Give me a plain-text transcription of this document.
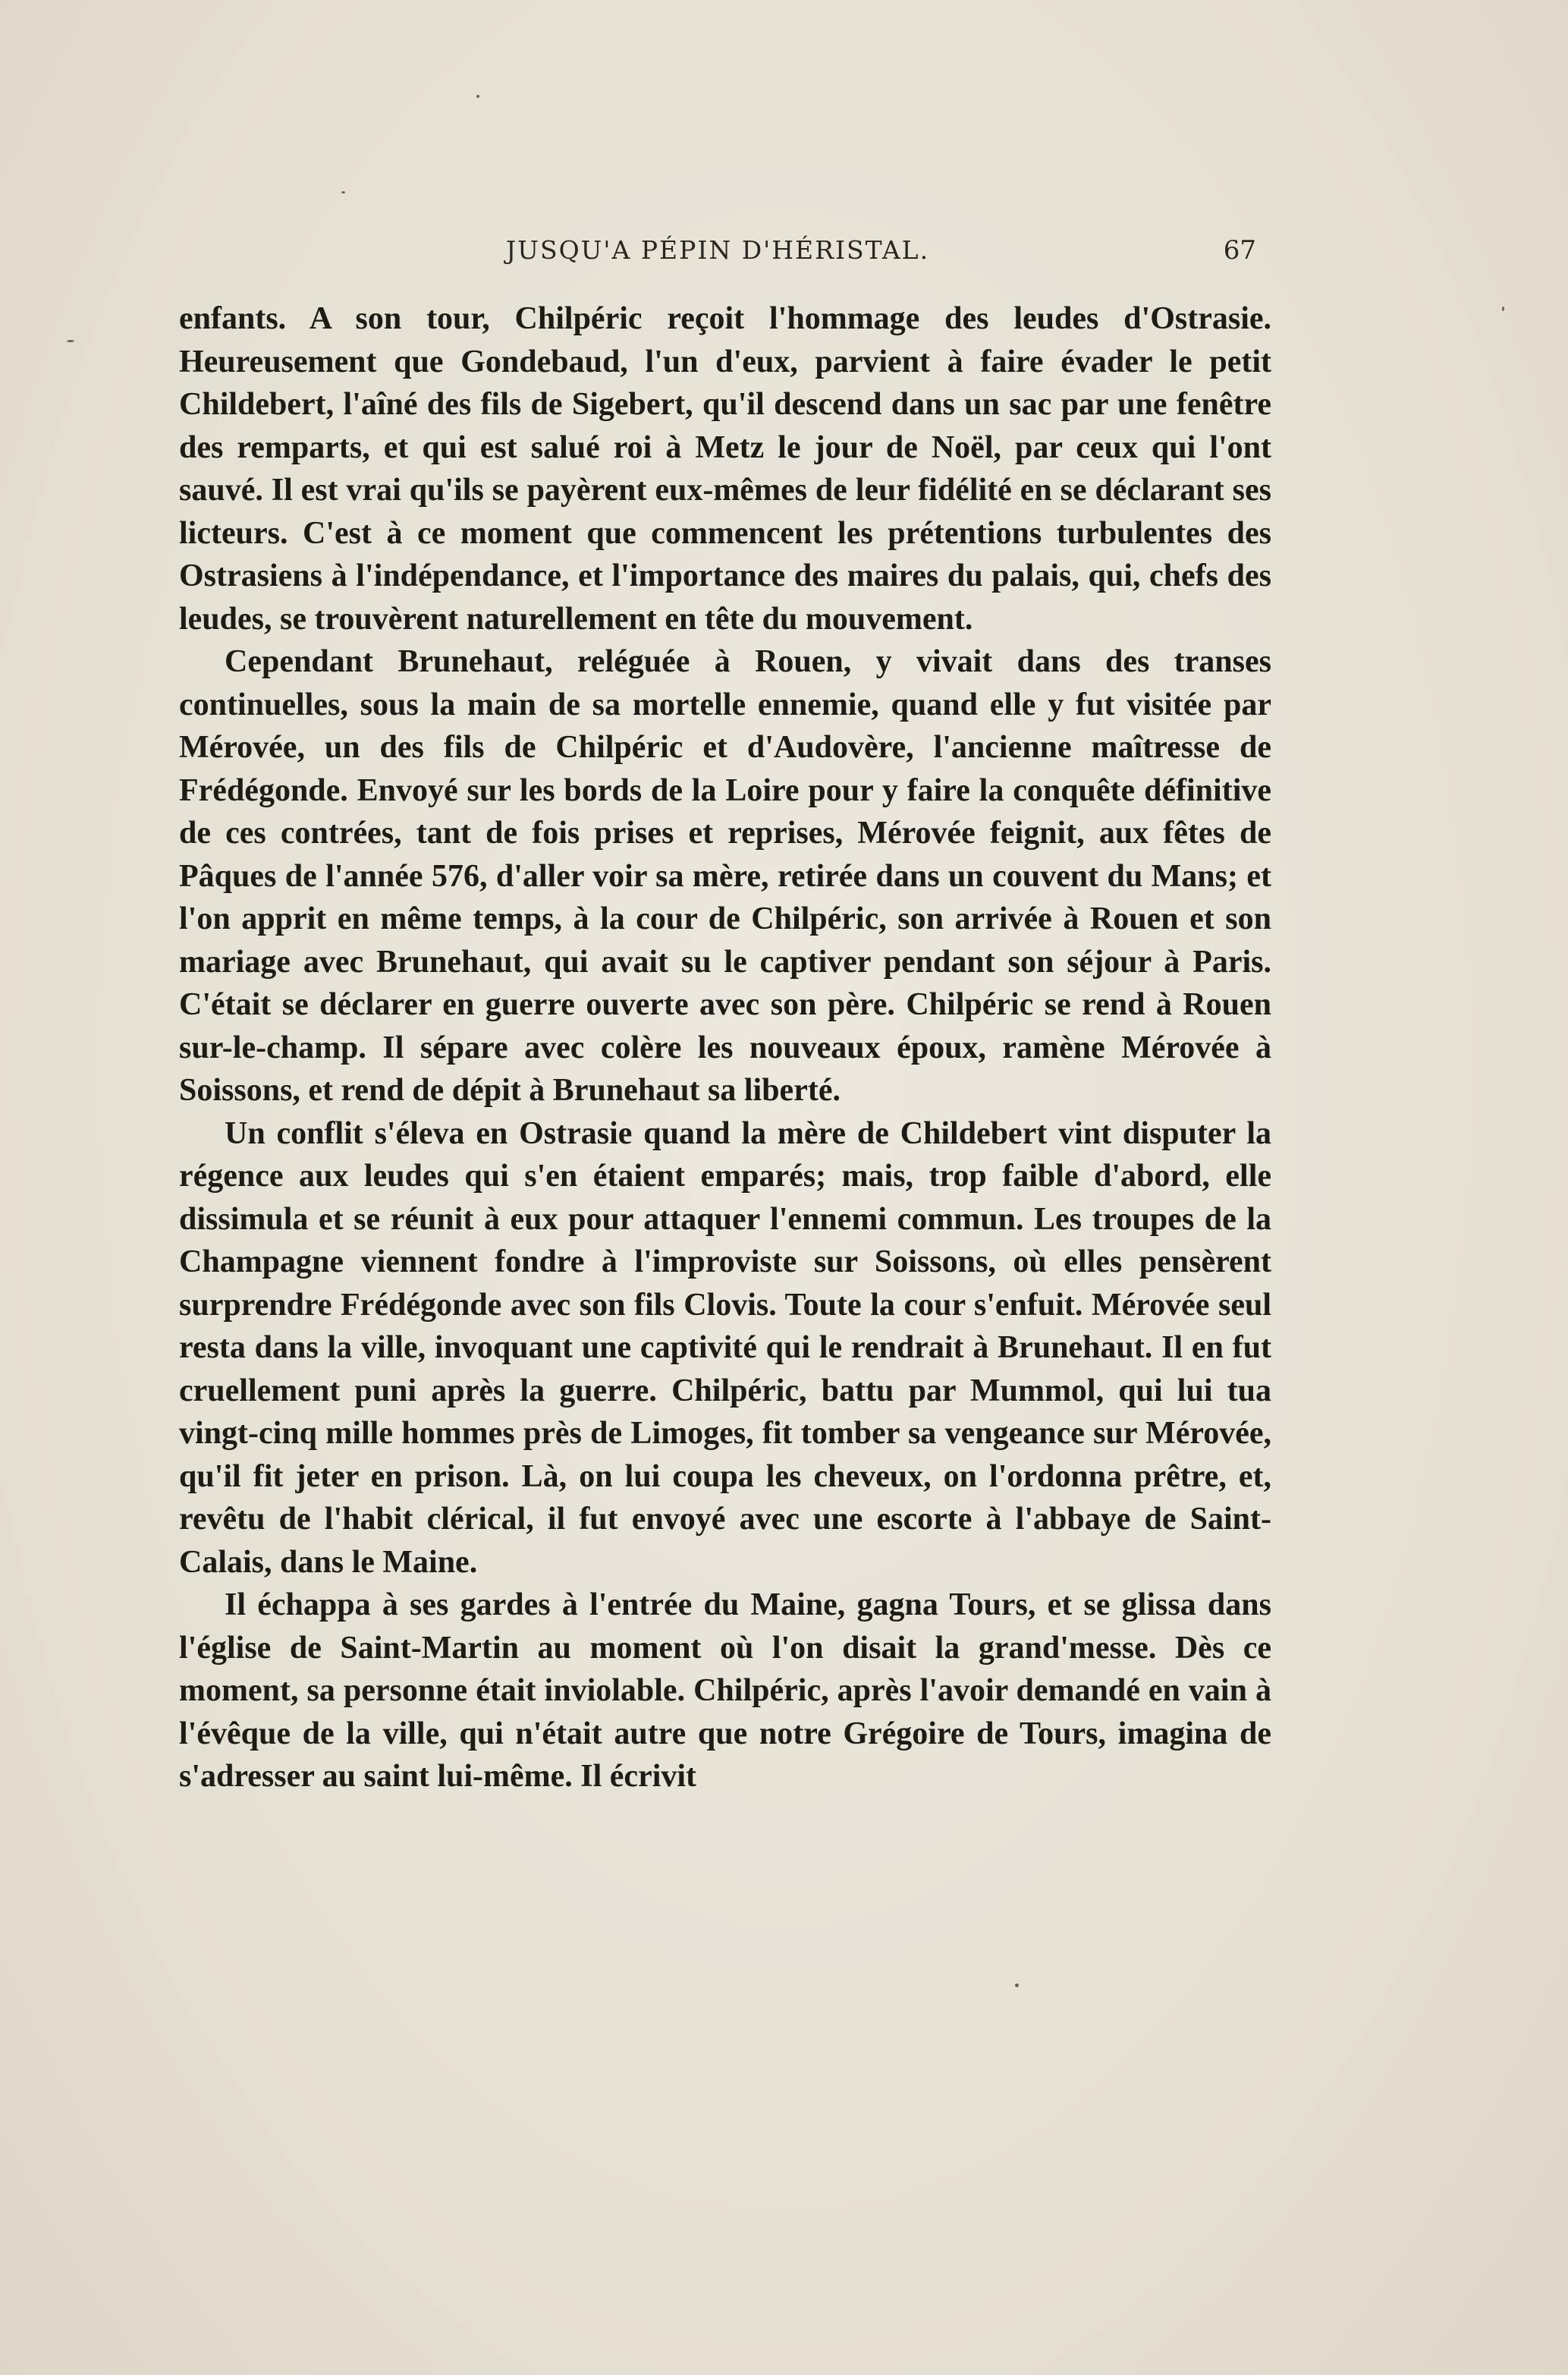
JUSQU'A PÉPIN D'HÉRISTAL.	67

enfants. A son tour, Chilpéric reçoit l'hommage des leudes d'Ostrasie. Heureusement que Gondebaud, l'un d'eux, parvient à faire évader le petit Childebert, l'aîné des fils de Sigebert, qu'il descend dans un sac par une fenêtre des remparts, et qui est salué roi à Metz le jour de Noël, par ceux qui l'ont sauvé. Il est vrai qu'ils se payèrent eux-mêmes de leur fidélité en se déclarant ses licteurs. C'est à ce moment que commencent les prétentions turbulentes des Ostrasiens à l'indépendance, et l'importance des maires du palais, qui, chefs des leudes, se trouvèrent naturellement en tête du mouvement.

Cependant Brunehaut, reléguée à Rouen, y vivait dans des transes continuelles, sous la main de sa mortelle ennemie, quand elle y fut visitée par Mérovée, un des fils de Chilpéric et d'Audovère, l'ancienne maîtresse de Frédégonde. Envoyé sur les bords de la Loire pour y faire la conquête définitive de ces contrées, tant de fois prises et reprises, Mérovée feignit, aux fêtes de Pâques de l'année 576, d'aller voir sa mère, retirée dans un couvent du Mans; et l'on apprit en même temps, à la cour de Chilpéric, son arrivée à Rouen et son mariage avec Brunehaut, qui avait su le captiver pendant son séjour à Paris. C'était se déclarer en guerre ouverte avec son père. Chilpéric se rend à Rouen sur-le-champ. Il sépare avec colère les nouveaux époux, ramène Mérovée à Soissons, et rend de dépit à Brunehaut sa liberté.

Un conflit s'éleva en Ostrasie quand la mère de Childebert vint disputer la régence aux leudes qui s'en étaient emparés; mais, trop faible d'abord, elle dissimula et se réunit à eux pour attaquer l'ennemi commun. Les troupes de la Champagne viennent fondre à l'improviste sur Soissons, où elles pensèrent surprendre Frédégonde avec son fils Clovis. Toute la cour s'enfuit. Mérovée seul resta dans la ville, invoquant une captivité qui le rendrait à Brunehaut. Il en fut cruellement puni après la guerre. Chilpéric, battu par Mummol, qui lui tua vingt-cinq mille hommes près de Limoges, fit tomber sa vengeance sur Mérovée, qu'il fit jeter en prison. Là, on lui coupa les cheveux, on l'ordonna prêtre, et, revêtu de l'habit clérical, il fut envoyé avec une escorte à l'abbaye de Saint-Calais, dans le Maine.

Il échappa à ses gardes à l'entrée du Maine, gagna Tours, et se glissa dans l'église de Saint-Martin au moment où l'on disait la grand'messe. Dès ce moment, sa personne était inviolable. Chilpéric, après l'avoir demandé en vain à l'évêque de la ville, qui n'était autre que notre Grégoire de Tours, imagina de s'adresser au saint lui-même. Il écrivit
